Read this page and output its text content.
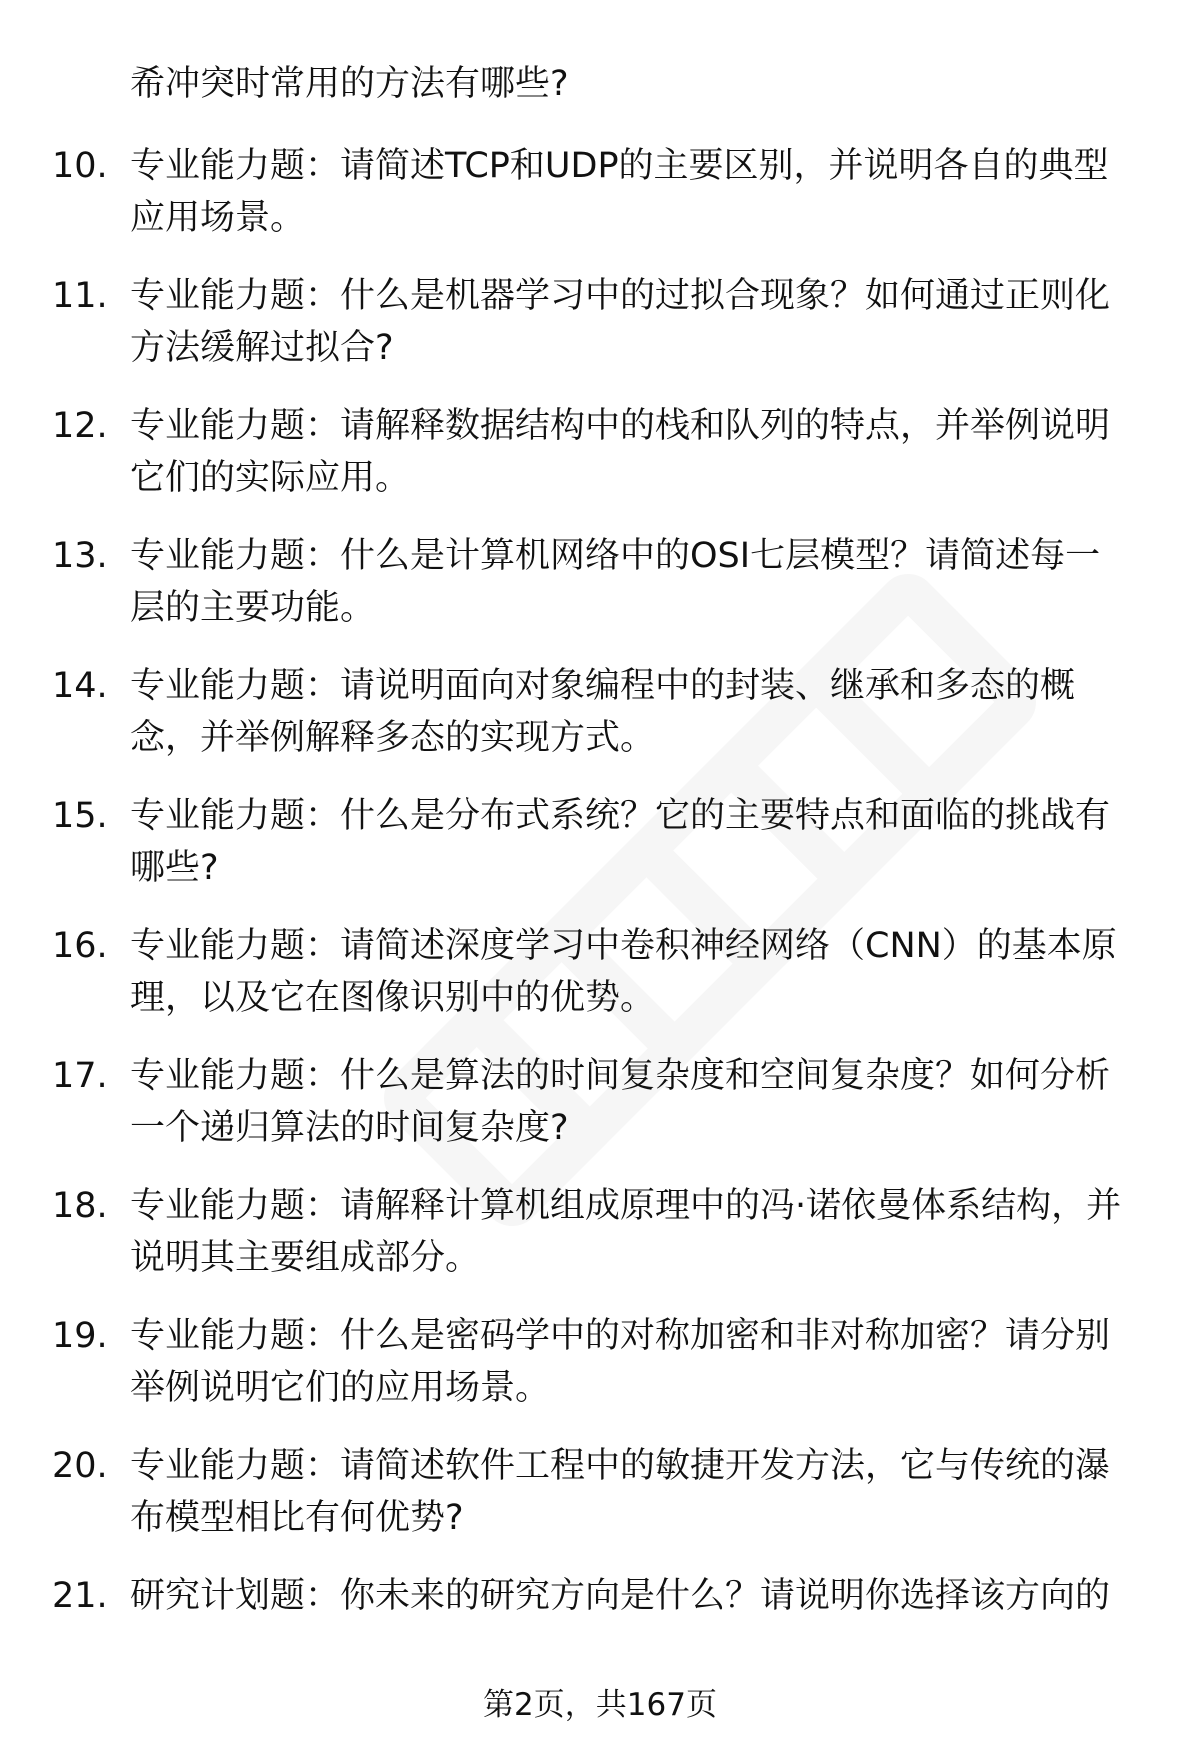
希冲突时常用的方法有哪些?
10. 专业能力题：请简述TCP和UDP的主要区别，并说明各自的典型
应用场景。
11. 专业能力题：什么是机器学习中的过拟合现象？如何通过正则化
方法缓解过拟合?
12. 专业能力题：请解释数据结构中的栈和队列的特点，并举例说明
它们的实际应用。
13. 专业能力题：什么是计算机网络中的OSI七层模型？请简述每一
层的主要功能。
14. 专业能力题：请说明面向对象编程中的封装、继承和多态的概
念，并举例解释多态的实现方式。
15. 专业能力题：什么是分布式系统？它的主要特点和面临的挑战有
哪些?
16. 专业能力题：请简述深度学习中卷积神经网络（CNN）的基本原
理，以及它在图像识别中的优势。
17. 专业能力题：什么是算法的时间复杂度和空间复杂度？如何分析
一个递归算法的时间复杂度?
18. 专业能力题：请解释计算机组成原理中的冯·诺依曼体系结构，并
说明其主要组成部分。
19. 专业能力题：什么是密码学中的对称加密和非对称加密？请分别
举例说明它们的应用场景。
20. 专业能力题：请简述软件工程中的敏捷开发方法，它与传统的瀑
布模型相比有何优势?
21. 研究计划题：你未来的研究方向是什么？请说明你选择该方向的
第2页，共167页
